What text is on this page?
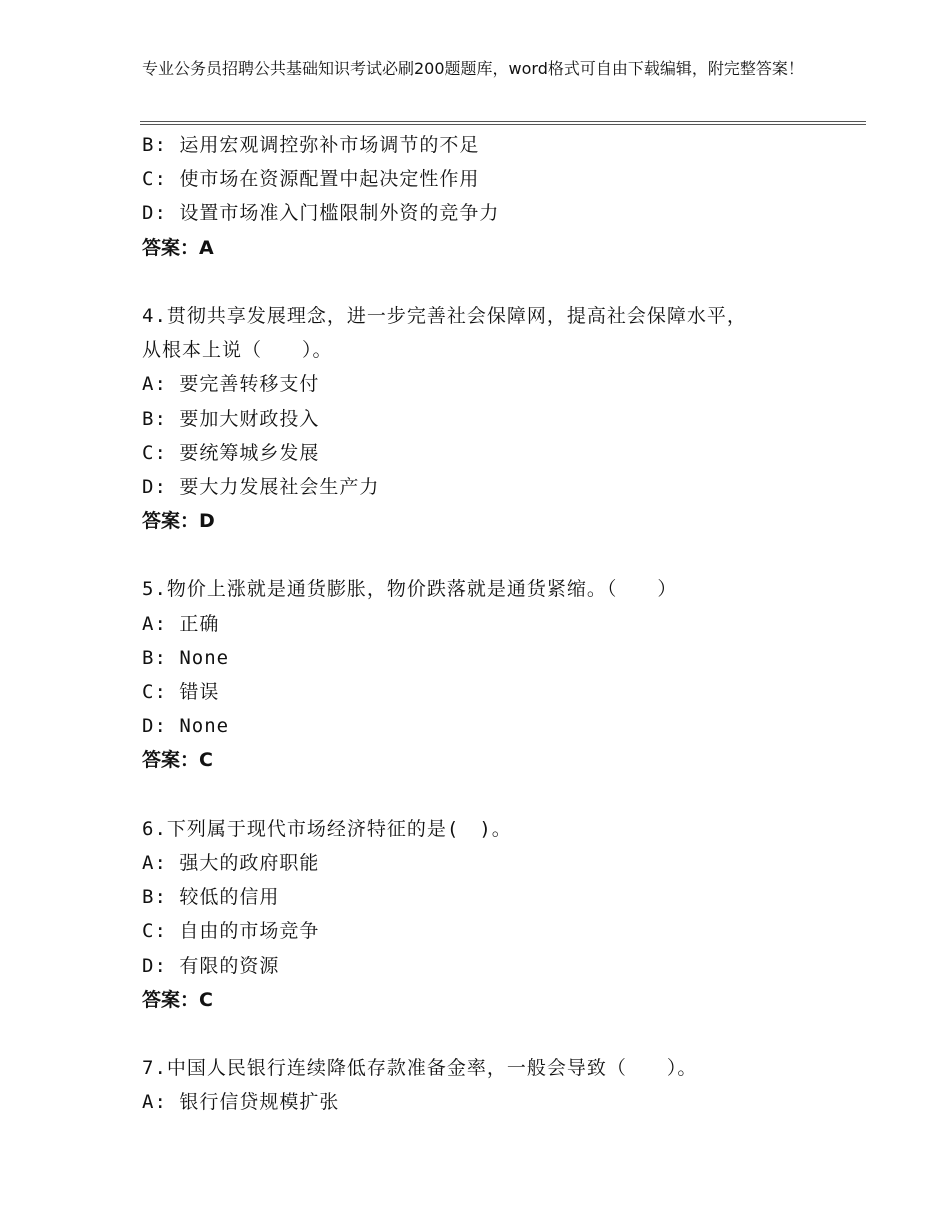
专业公务员招聘公共基础知识考试必刷200题题库，word格式可自由下载编辑，附完整答案！
B: 运用宏观调控弥补市场调节的不足
C: 使市场在资源配置中起决定性作用
D: 设置市场准入门槛限制外资的竞争力
答案：A
4.贯彻共享发展理念，进一步完善社会保障网，提高社会保障水平，
从根本上说（　　）。
A: 要完善转移支付
B: 要加大财政投入
C: 要统筹城乡发展
D: 要大力发展社会生产力
答案：D
5.物价上涨就是通货膨胀，物价跌落就是通货紧缩。（　　）
A: 正确
B: None
C: 错误
D: None
答案：C
6.下列属于现代市场经济特征的是(　)。
A: 强大的政府职能
B: 较低的信用
C: 自由的市场竞争
D: 有限的资源
答案：C
7.中国人民银行连续降低存款准备金率，一般会导致（　　）。
A: 银行信贷规模扩张
